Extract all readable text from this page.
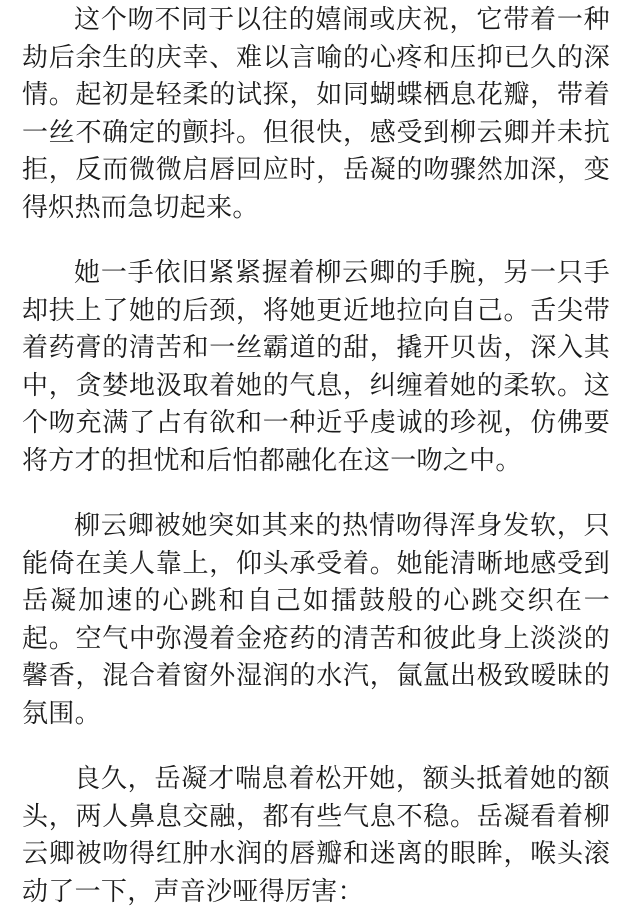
这个吻不同于以往的嬉闹或庆祝，它带着一种劫后余生的庆幸、难以言喻的心疼和压抑已久的深情。起初是轻柔的试探，如同蝴蝶栖息花瓣，带着一丝不确定的颤抖。但很快，感受到柳云卿并未抗拒，反而微微启唇回应时，岳凝的吻骤然加深，变得炽热而急切起来。

她一手依旧紧紧握着柳云卿的手腕，另一只手却扶上了她的后颈，将她更近地拉向自己。舌尖带着药膏的清苦和一丝霸道的甜，撬开贝齿，深入其中，贪婪地汲取着她的气息，纠缠着她的柔软。这个吻充满了占有欲和一种近乎虔诚的珍视，仿佛要将方才的担忧和后怕都融化在这一吻之中。

柳云卿被她突如其来的热情吻得浑身发软，只能倚在美人靠上，仰头承受着。她能清晰地感受到岳凝加速的心跳和自己如擂鼓般的心跳交织在一起。空气中弥漫着金疮药的清苦和彼此身上淡淡的馨香，混合着窗外湿润的水汽，氤氲出极致暧昧的氛围。

良久，岳凝才喘息着松开她，额头抵着她的额头，两人鼻息交融，都有些气息不稳。岳凝看着柳云卿被吻得红肿水润的唇瓣和迷离的眼眸，喉头滚动了一下，声音沙哑得厉害：
